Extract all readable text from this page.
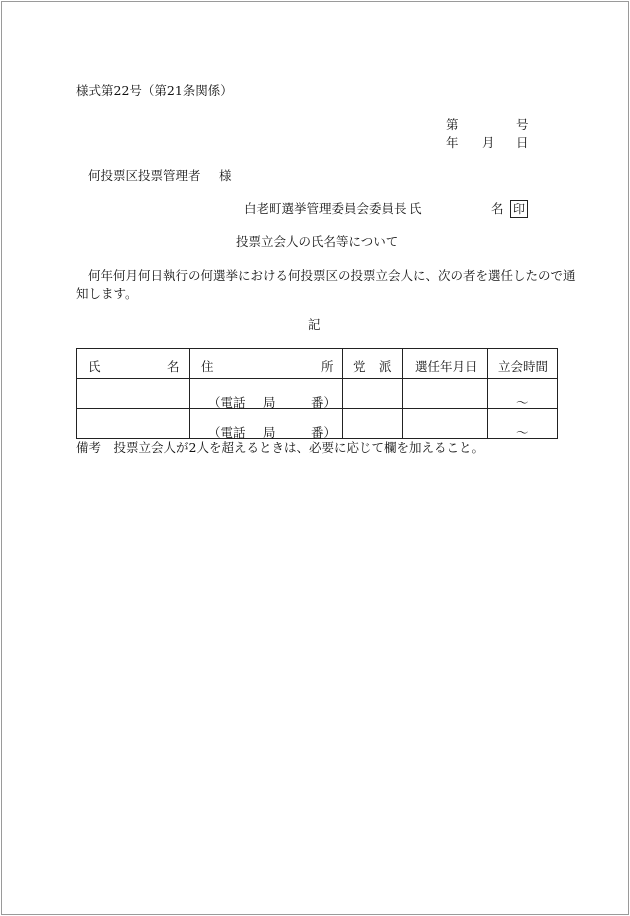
様式第22号（第21条関係）
第	号
年 月 日
何投票区投票管理者 様
白老町選挙管理委員会委員長 氏	名 印
投票立会人の氏名等について
何年何月何日執行の何選挙における何投票区の投票立会人に、次の者を選任したので通
知します。
記
氏 名	住 所	党 派	選任年月日	立会時間

	（電話 局 番）			～

	（電話 局 番）			～
備考　投票立会人が2人を超えるときは、必要に応じて欄を加えること。
